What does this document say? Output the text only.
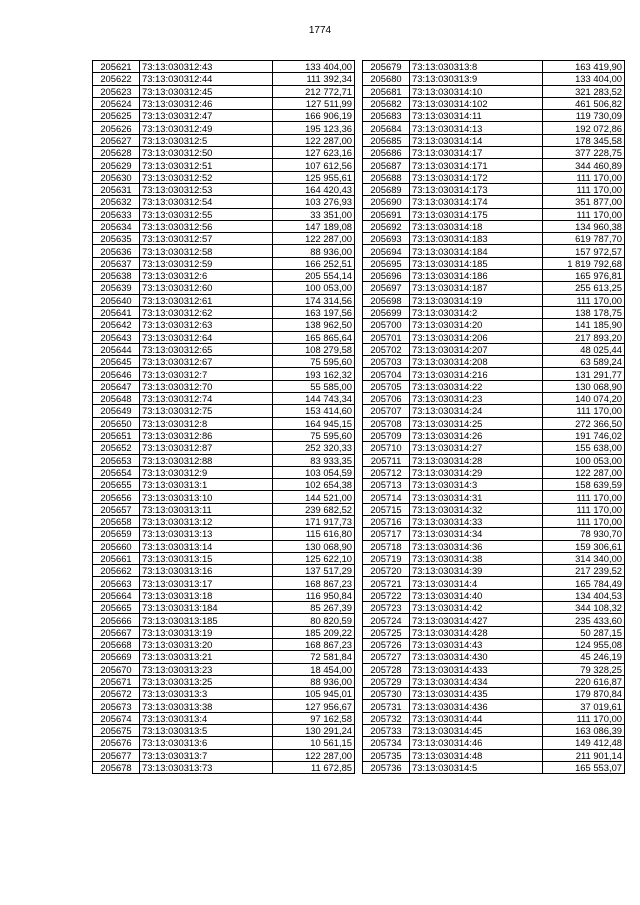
1774
205621	73:13:030312:43	133 404,00
205622	73:13:030312:44	111 392,34
205623	73:13:030312:45	212 772,71
205624	73:13:030312:46	127 511,99
205625	73:13:030312:47	166 906,19
205626	73:13:030312:49	195 123,36
205627	73:13:030312:5	122 287,00
205628	73:13:030312:50	127 623,16
205629	73:13:030312:51	107 612,56
205630	73:13:030312:52	125 955,61
205631	73:13:030312:53	164 420,43
205632	73:13:030312:54	103 276,93
205633	73:13:030312:55	33 351,00
205634	73:13:030312:56	147 189,08
205635	73:13:030312:57	122 287,00
205636	73:13:030312:58	88 936,00
205637	73:13:030312:59	166 252,51
205638	73:13:030312:6	205 554,14
205639	73:13:030312:60	100 053,00
205640	73:13:030312:61	174 314,56
205641	73:13:030312:62	163 197,56
205642	73:13:030312:63	138 962,50
205643	73:13:030312:64	165 865,64
205644	73:13:030312:65	108 279,58
205645	73:13:030312:67	75 595,60
205646	73:13:030312:7	193 162,32
205647	73:13:030312:70	55 585,00
205648	73:13:030312:74	144 743,34
205649	73:13:030312:75	153 414,60
205650	73:13:030312:8	164 945,15
205651	73:13:030312:86	75 595,60
205652	73:13:030312:87	252 320,33
205653	73:13:030312:88	83 933,35
205654	73:13:030312:9	103 054,59
205655	73:13:030313:1	102 654,38
205656	73:13:030313:10	144 521,00
205657	73:13:030313:11	239 682,52
205658	73:13:030313:12	171 917,73
205659	73:13:030313:13	115 616,80
205660	73:13:030313:14	130 068,90
205661	73:13:030313:15	125 622,10
205662	73:13:030313:16	137 517,29
205663	73:13:030313:17	168 867,23
205664	73:13:030313:18	116 950,84
205665	73:13:030313:184	85 267,39
205666	73:13:030313:185	80 820,59
205667	73:13:030313:19	185 209,22
205668	73:13:030313:20	168 867,23
205669	73:13:030313:21	72 581,84
205670	73:13:030313:23	18 454,00
205671	73:13:030313:25	88 936,00
205672	73:13:030313:3	105 945,01
205673	73:13:030313:38	127 956,67
205674	73:13:030313:4	97 162,58
205675	73:13:030313:5	130 291,24
205676	73:13:030313:6	10 561,15
205677	73:13:030313:7	122 287,00
205678	73:13:030313:73	11 672,85
205679	73:13:030313:8	163 419,90
205680	73:13:030313:9	133 404,00
205681	73:13:030314:10	321 283,52
205682	73:13:030314:102	461 506,82
205683	73:13:030314:11	119 730,09
205684	73:13:030314:13	192 072,86
205685	73:13:030314:14	178 345,58
205686	73:13:030314:17	377 228,75
205687	73:13:030314:171	344 460,89
205688	73:13:030314:172	111 170,00
205689	73:13:030314:173	111 170,00
205690	73:13:030314:174	351 877,00
205691	73:13:030314:175	111 170,00
205692	73:13:030314:18	134 960,38
205693	73:13:030314:183	619 787,70
205694	73:13:030314:184	157 972,57
205695	73:13:030314:185	1 819 792,68
205696	73:13:030314:186	165 976,81
205697	73:13:030314:187	255 613,25
205698	73:13:030314:19	111 170,00
205699	73:13:030314:2	138 178,75
205700	73:13:030314:20	141 185,90
205701	73:13:030314:206	217 893,20
205702	73:13:030314:207	48 025,44
205703	73:13:030314:208	63 589,24
205704	73:13:030314:216	131 291,77
205705	73:13:030314:22	130 068,90
205706	73:13:030314:23	140 074,20
205707	73:13:030314:24	111 170,00
205708	73:13:030314:25	272 366,50
205709	73:13:030314:26	191 746,02
205710	73:13:030314:27	155 638,00
205711	73:13:030314:28	100 053,00
205712	73:13:030314:29	122 287,00
205713	73:13:030314:3	158 639,59
205714	73:13:030314:31	111 170,00
205715	73:13:030314:32	111 170,00
205716	73:13:030314:33	111 170,00
205717	73:13:030314:34	78 930,70
205718	73:13:030314:36	159 306,61
205719	73:13:030314:38	314 340,00
205720	73:13:030314:39	217 239,52
205721	73:13:030314:4	165 784,49
205722	73:13:030314:40	134 404,53
205723	73:13:030314:42	344 108,32
205724	73:13:030314:427	235 433,60
205725	73:13:030314:428	50 287,15
205726	73:13:030314:43	124 955,08
205727	73:13:030314:430	45 246,19
205728	73:13:030314:433	79 328,25
205729	73:13:030314:434	220 616,87
205730	73:13:030314:435	179 870,84
205731	73:13:030314:436	37 019,61
205732	73:13:030314:44	111 170,00
205733	73:13:030314:45	163 086,39
205734	73:13:030314:46	149 412,48
205735	73:13:030314:48	211 901,14
205736	73:13:030314:5	165 553,07
